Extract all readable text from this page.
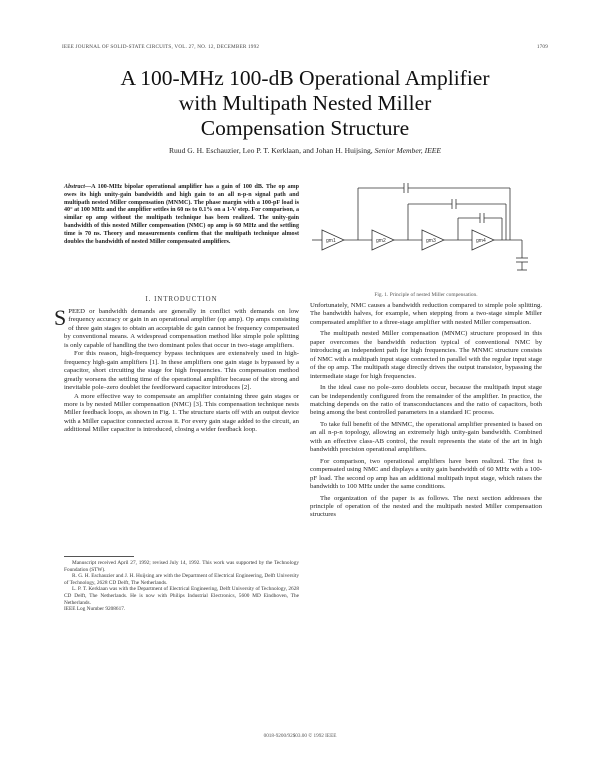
IEEE JOURNAL OF SOLID-STATE CIRCUITS, VOL. 27, NO. 12, DECEMBER 1992	1709
A 100-MHz 100-dB Operational Amplifier
with Multipath Nested Miller
Compensation Structure
Ruud G. H. Eschauzier, Leo P. T. Kerklaan, and Johan H. Huijsing, Senior Member, IEEE

Abstract—A 100-MHz bipolar operational amplifier has a gain of 100 dB. The op amp owes its high unity-gain bandwidth and high gain to an all n-p-n signal path and multipath nested Miller compensation (MNMC). The phase margin with a 100-pF load is 40° at 100 MHz and the amplifier settles in 60 ns to 0.1% on a 1-V step. For comparison, a similar op amp without the multipath technique has been realized. The unity-gain bandwidth of this nested Miller compensation (NMC) op amp is 60 MHz and the settling time is 70 ns. Theory and measurements confirm that the multipath technique almost doubles the bandwidth of nested Miller compensated amplifiers.

I. INTRODUCTION

SPEED or bandwidth demands are generally in conflict with demands on low frequency accuracy or gain in an operational amplifier (op amp). Op amps consisting of three gain stages to obtain an acceptable dc gain cannot be frequency compensated by conventional means. A widespread compensation method like simple pole splitting is only capable of handling the two dominant poles that occur in two-stage amplifiers.

For this reason, high-frequency bypass techniques are extensively used in high-frequency high-gain amplifiers [1]. In these amplifiers one gain stage is bypassed by a capacitor, short circuiting the stage for high frequencies. This compensation method greatly worsens the settling time of the operational amplifier because of the strong and inevitable pole–zero doublet the feedforward capacitor introduces [2].

A more effective way to compensate an amplifier containing three gain stages or more is by nested Miller compensation (NMC) [3]. This compensation technique nests Miller feedback loops, as shown in Fig. 1. The structure starts off with an output device with a Miller capacitor connected across it. For every gain stage added to the circuit, an additional Miller capacitor is introduced, closing a wider feedback loop.

Manuscript received April 27, 1992; revised July 14, 1992. This work was supported by the Technology Foundation (STW).

R. G. H. Eschauzier and J. H. Huijsing are with the Department of Electrical Engineering, Delft University of Technology, 2628 CD Delft, The Netherlands.

L. P. T. Kerklaan was with the Department of Electrical Engineering, Delft University of Technology, 2628 CD Delft, The Netherlands. He is now with Philips Industrial Electronics, 5600 MD Eindhoven, The Netherlands.

IEEE Log Number 9208617.

gm1	gm2	gm3	gm4
Fig. 1. Principle of nested Miller compensation.

Unfortunately, NMC causes a bandwidth reduction compared to simple pole splitting. The bandwidth halves, for example, when stepping from a two-stage simple Miller compensated amplifier to a three-stage amplifier with nested Miller compensation.

The multipath nested Miller compensation (MNMC) structure proposed in this paper overcomes the bandwidth reduction typical of conventional NMC by introducing an independent path for high frequencies. The MNMC structure consists of NMC with a multipath input stage connected in parallel with the regular input stage of the op amp. The multipath stage directly drives the output transistor, bypassing the intermediate stage for high frequencies.

In the ideal case no pole–zero doublets occur, because the multipath input stage can be independently configured from the remainder of the amplifier. In practice, the matching depends on the ratio of transconductances and the ratio of capacitors, both being among the best controlled parameters in a standard IC process.

To take full benefit of the MNMC, the operational amplifier presented is based on an all n-p-n topology, allowing an extremely high unity-gain bandwidth. Combined with an effective class-AB control, the result represents the state of the art in high bandwidth precision operational amplifiers.

For comparison, two operational amplifiers have been realized. The first is compensated using NMC and displays a unity gain bandwidth of 60 MHz with a 100-pF load. The second op amp has an additional multipath input stage, which raises the bandwidth to 100 MHz under the same conditions.

The organization of the paper is as follows. The next section addresses the principle of operation of the nested and the multipath nested Miller compensation structures

0018-9200/92$03.00 © 1992 IEEE
